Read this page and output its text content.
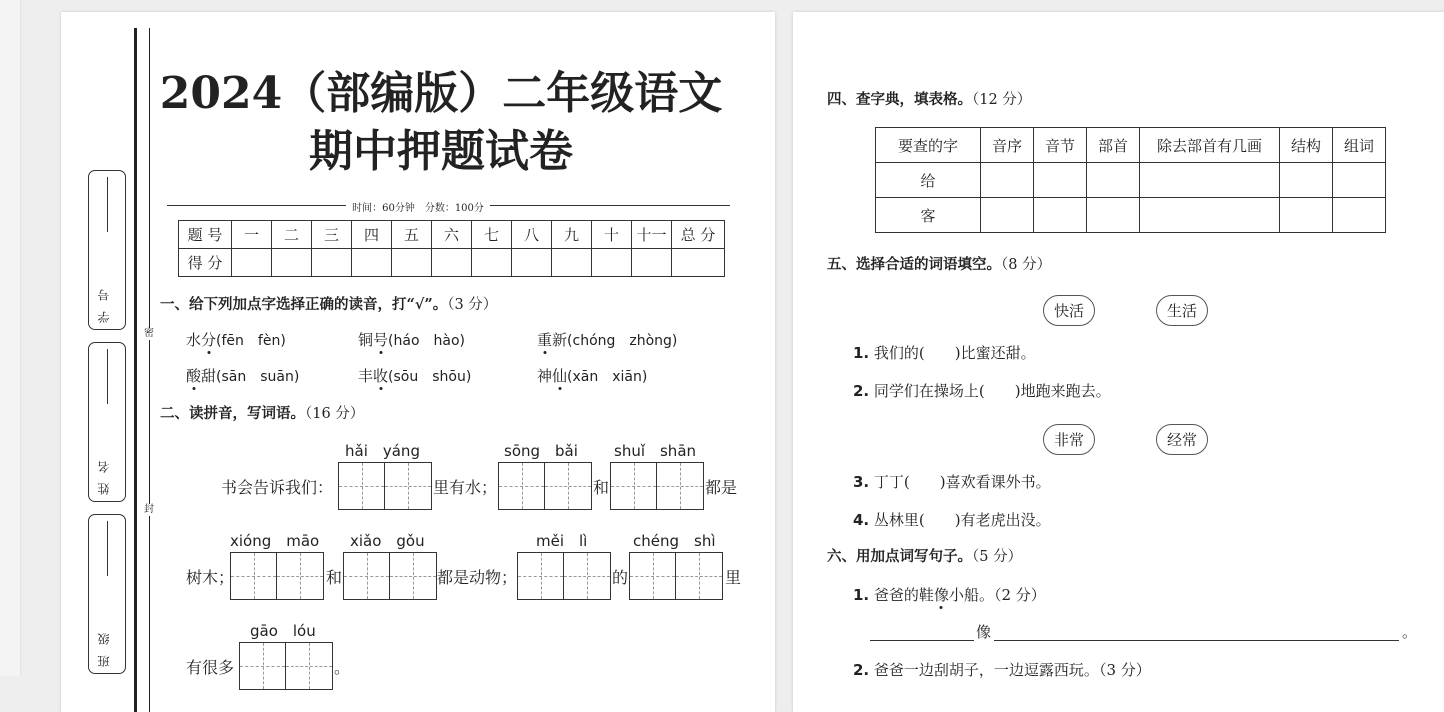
密
封
学号
姓名
班级
2024（部编版）二年级语文
期中押题试卷
时间：60分钟　分数：100分
题 号	一	二	三	四	五	六	七	八	九	十	十一	总 分
得 分												
一、给下列加点字选择正确的读音，打“√”。（3 分）
水分(fēn　fèn)	铜号(háo　hào)	重新(chóng　zhòng)
酸甜(sān　suān)	丰收(sōu　shōu)	神仙(xān　xiān)
二、读拼音，写词语。（16 分）
hǎi　yáng	sōng　bǎi shuǐ　shān
书会告诉我们：	里有水；	和	都是
xióng　māo xiǎo　gǒu	měi　lì	chéng　shì
树木；	和	都是动物；	的	里
gāo　lóu
有很多	。
四、查字典，填表格。（12 分）
要查的字	音序	音节	部首	除去部首有几画	结构	组词
给						
客						
五、选择合适的词语填空。（8 分）
快活	生活
1. 我们的(　　)比蜜还甜。
2. 同学们在操场上(　　)地跑来跑去。
非常	经常
3. 丁丁(　　)喜欢看课外书。
4. 丛林里(　　)有老虎出没。
六、用加点词写句子。（5 分）
1. 爸爸的鞋像小船。（2 分）
像	。
2. 爸爸一边刮胡子，一边逗露西玩。（3 分）
